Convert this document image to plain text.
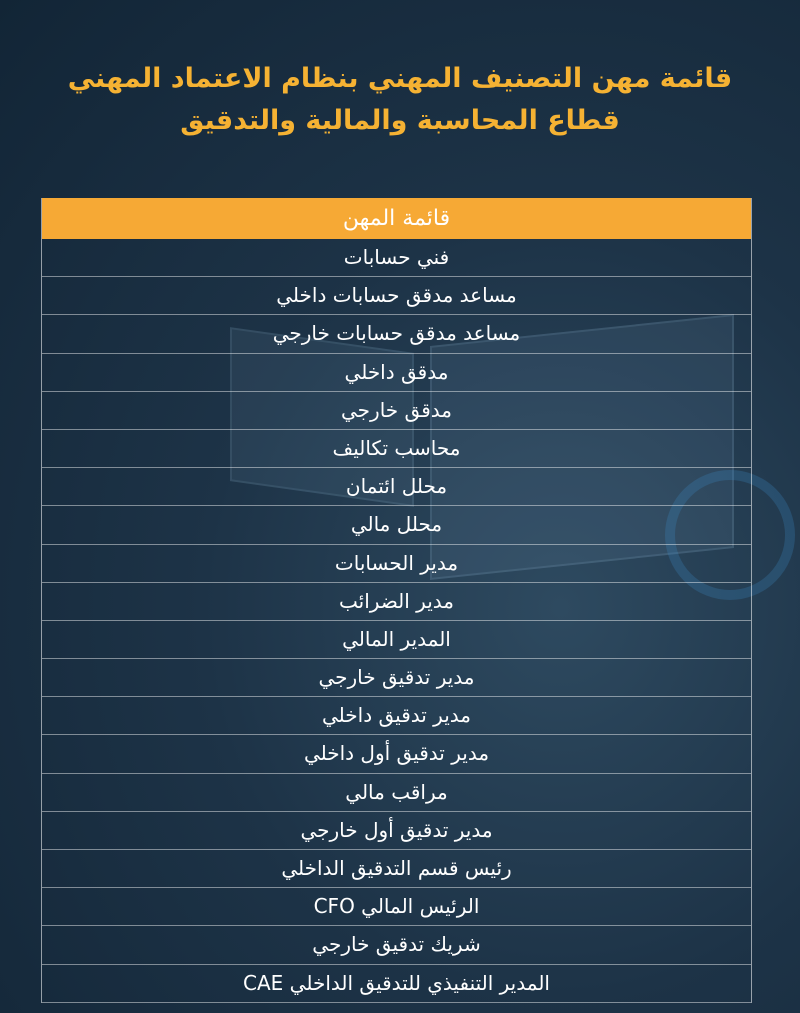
قائمة مهن التصنيف المهني بنظام الاعتماد المهني
قطاع المحاسبة والمالية والتدقيق
قائمة المهن
فني حسابات
مساعد مدقق حسابات داخلي
مساعد مدقق حسابات خارجي
مدقق داخلي
مدقق خارجي
محاسب تكاليف
محلل ائتمان
محلل مالي
مدير الحسابات
مدير الضرائب
المدير المالي
مدير تدقيق خارجي
مدير تدقيق داخلي
مدير تدقيق أول داخلي
مراقب مالي
مدير تدقيق أول خارجي
رئيس قسم التدقيق الداخلي
الرئيس المالي CFO
شريك تدقيق خارجي
المدير التنفيذي للتدقيق الداخلي CAE
